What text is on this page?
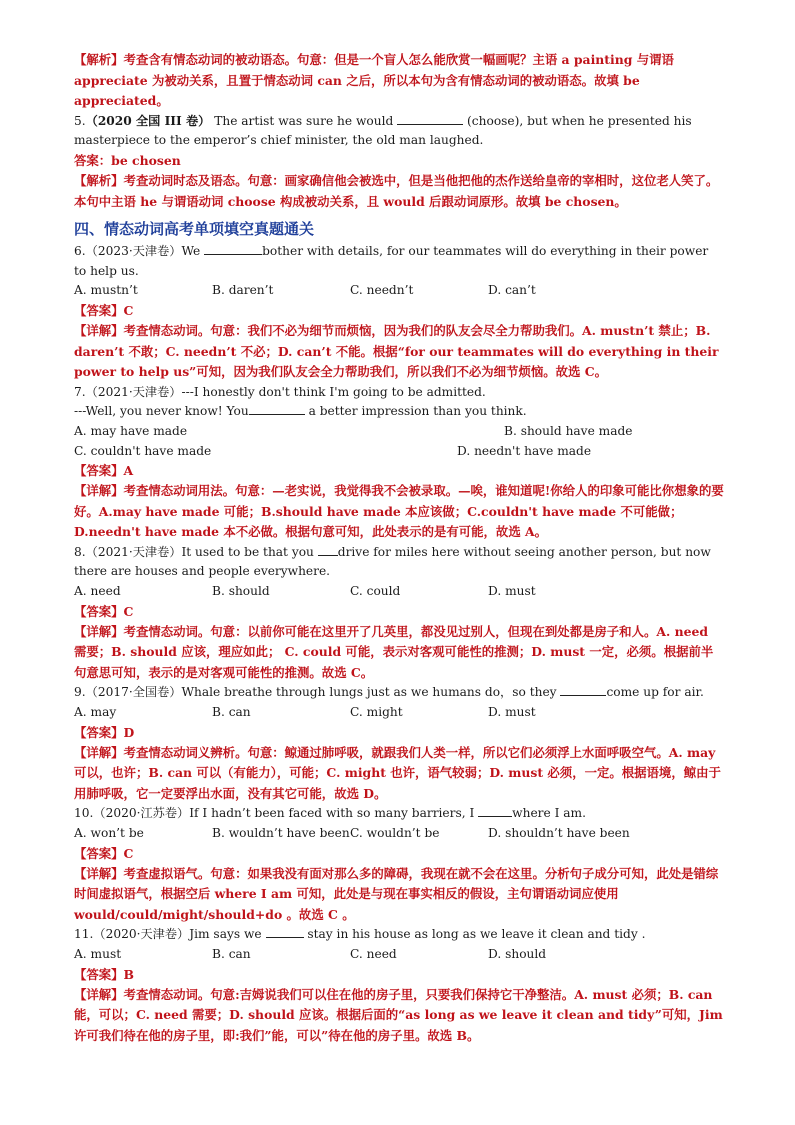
【解析】考查含有情态动词的被动语态。句意：但是一个盲人怎么能欣赏一幅画呢？主语 a painting 与谓语 appreciate 为被动关系，且置于情态动词 can 之后，所以本句为含有情态动词的被动语态。故填 be appreciated。

5.（2020 全国 III 卷） The artist was sure he would	(choose), but when he presented his masterpiece to the emperor’s chief minister, the old man laughed.

答案：be chosen

【解析】考查动词时态及语态。句意：画家确信他会被选中，但是当他把他的杰作送给皇帝的宰相时，这位老人笑了。本句中主语 he 与谓语动词 choose 构成被动关系，且 would 后跟动词原形。故填 be chosen。

四、情态动词高考单项填空真题通关

6.（2023·天津卷）We	bother with details, for our teammates will do everything in their power to help us.

A. mustn’t	B. daren’t	C. needn’t	D. can’t

【答案】C

【详解】考查情态动词。句意：我们不必为细节而烦恼，因为我们的队友会尽全力帮助我们。A. mustn’t 禁止；B. daren’t 不敢；C. needn’t 不必；D. can’t 不能。根据“for our teammates will do everything in their power to help us”可知，因为我们队友会全力帮助我们，所以我们不必为细节烦恼。故选 C。

7.（2021·天津卷）---I honestly don't think I'm going to be admitted.

---Well, you never know! You	a better impression than you think.

A. may have made	B. should have made
C. couldn't have made	D. needn't have made

【答案】A

【详解】考查情态动词用法。句意：—老实说，我觉得我不会被录取。—唉，谁知道呢!你给人的印象可能比你想象的要好。A.may have made 可能；B.should have made 本应该做；C.couldn't have made 不可能做；D.needn't have made 本不必做。根据句意可知，此处表示的是有可能，故选 A。

8.（2021·天津卷）It used to be that you drive for miles here without seeing another person, but now there are houses and people everywhere.

A. need	B. should	C. could	D. must

【答案】C

【详解】考查情态动词。句意：以前你可能在这里开了几英里，都没见过别人，但现在到处都是房子和人。A. need 需要；B. should 应该，理应如此； C. could 可能，表示对客观可能性的推测；D. must 一定，必须。根据前半句意思可知，表示的是对客观可能性的推测。故选 C。

9.（2017·全国卷）Whale breathe through lungs just as we humans do，so they	come up for air.

A. may	B. can	C. might	D. must

【答案】D

【详解】考查情态动词义辨析。句意：鲸通过肺呼吸，就跟我们人类一样，所以它们必须浮上水面呼吸空气。A. may 可以，也许；B. can 可以（有能力），可能；C. might 也许，语气较弱；D. must 必须，一定。根据语境，鲸由于用肺呼吸，它一定要浮出水面，没有其它可能，故选 D。

10.（2020·江苏卷）If I hadn’t been faced with so many barriers, I	where I am.

A. won’t be	B. wouldn’t have been C. wouldn’t be	D. shouldn’t have been

【答案】C

【详解】考查虚拟语气。句意：如果我没有面对那么多的障碍，我现在就不会在这里。分析句子成分可知，此处是错综时间虚拟语气，根据空后 where I am 可知，此处是与现在事实相反的假设，主句谓语动词应使用 would/could/might/should+do 。故选 C 。

11.（2020·天津卷）Jim says we	stay in his house as long as we leave it clean and tidy .

A. must	B. can	C. need	D. should

【答案】B

【详解】考查情态动词。句意:吉姆说我们可以住在他的房子里，只要我们保持它干净整洁。A. must 必须；B. can 能，可以；C. need 需要；D. should 应该。根据后面的“as long as we leave it clean and tidy”可知，Jim 许可我们待在他的房子里，即:我们”能，可以”待在他的房子里。故选 B。
